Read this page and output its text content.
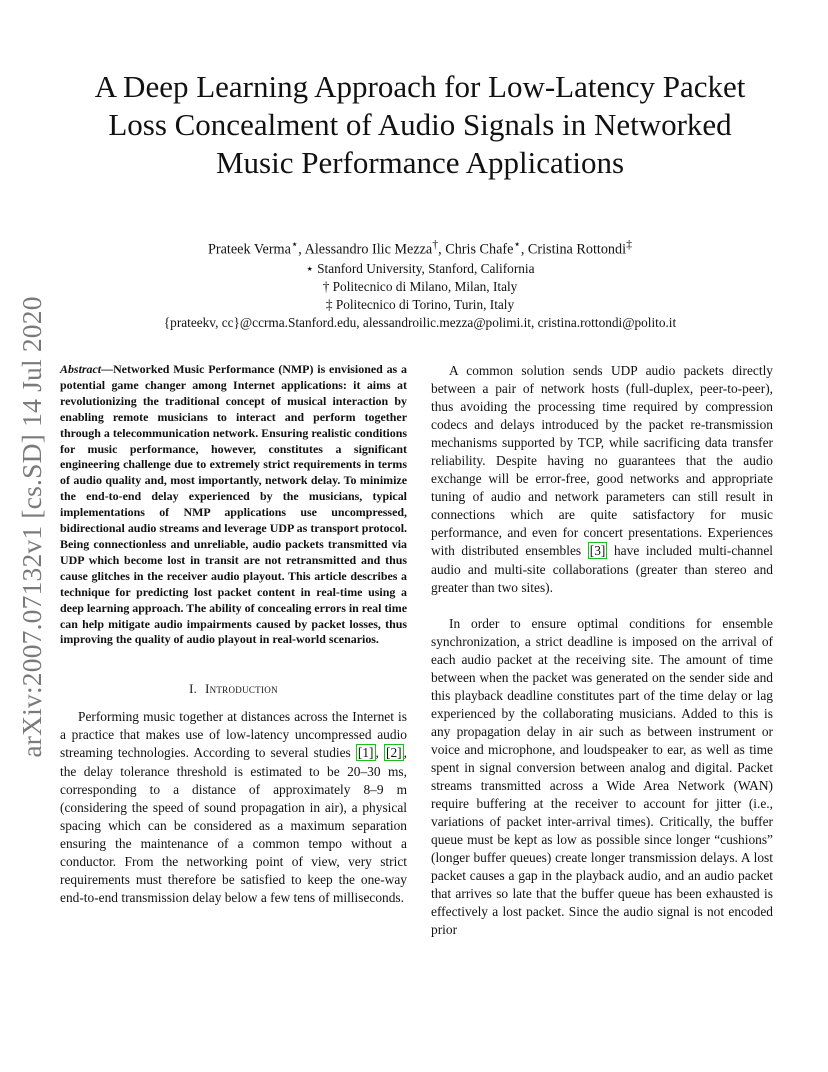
arXiv:2007.07132v1 [cs.SD] 14 Jul 2020
A Deep Learning Approach for Low-Latency Packet
Loss Concealment of Audio Signals in Networked
Music Performance Applications
Prateek Verma⋆, Alessandro Ilic Mezza†, Chris Chafe⋆, Cristina Rottondi‡
⋆ Stanford University, Stanford, California
† Politecnico di Milano, Milan, Italy
‡ Politecnico di Torino, Turin, Italy
{prateekv, cc}@ccrma.Stanford.edu, alessandroilic.mezza@polimi.it, cristina.rottondi@polito.it

Abstract—Networked Music Performance (NMP) is envisioned as a potential game changer among Internet applications: it aims at revolutionizing the traditional concept of musical interaction by enabling remote musicians to interact and perform together through a telecommunication network. Ensuring realistic conditions for music performance, however, constitutes a significant engineering challenge due to extremely strict requirements in terms of audio quality and, most importantly, network delay. To minimize the end-to-end delay experienced by the musicians, typical implementations of NMP applications use uncompressed, bidirectional audio streams and leverage UDP as transport protocol. Being connectionless and unreliable, audio packets transmitted via UDP which become lost in transit are not retransmitted and thus cause glitches in the receiver audio playout. This article describes a technique for predicting lost packet content in real-time using a deep learning approach. The ability of concealing errors in real time can help mitigate audio impairments caused by packet losses, thus improving the quality of audio playout in real-world scenarios.

I. Introduction

Performing music together at distances across the Internet is a practice that makes use of low-latency uncompressed audio streaming technologies. According to several studies [1] , [2] , the delay tolerance threshold is estimated to be 20–30 ms, corresponding to a distance of approximately 8–9 m (considering the speed of sound propagation in air), a physical spacing which can be considered as a maximum separation ensuring the maintenance of a common tempo without a conductor. From the networking point of view, very strict requirements must therefore be satisfied to keep the one-way end-to-end transmission delay below a few tens of milliseconds.

A common solution sends UDP audio packets directly between a pair of network hosts (full-duplex, peer-to-peer), thus avoiding the processing time required by compression codecs and delays introduced by the packet re-transmission mechanisms supported by TCP, while sacrificing data transfer reliability. Despite having no guarantees that the audio exchange will be error-free, good networks and appropriate tuning of audio and network parameters can still result in connections which are quite satisfactory for music performance, and even for concert presentations. Experiences with distributed ensembles [3] have included multi-channel audio and multi-site collaborations (greater than stereo and greater than two sites).

In order to ensure optimal conditions for ensemble synchronization, a strict deadline is imposed on the arrival of each audio packet at the receiving site. The amount of time between when the packet was generated on the sender side and this playback deadline constitutes part of the time delay or lag experienced by the collaborating musicians. Added to this is any propagation delay in air such as between instrument or voice and microphone, and loudspeaker to ear, as well as time spent in signal conversion between analog and digital. Packet streams transmitted across a Wide Area Network (WAN) require buffering at the receiver to account for jitter (i.e., variations of packet inter-arrival times). Critically, the buffer queue must be kept as low as possible since longer “cushions” (longer buffer queues) create longer transmission delays. A lost packet causes a gap in the playback audio, and an audio packet that arrives so late that the buffer queue has been exhausted is effectively a lost packet. Since the audio signal is not encoded prior
